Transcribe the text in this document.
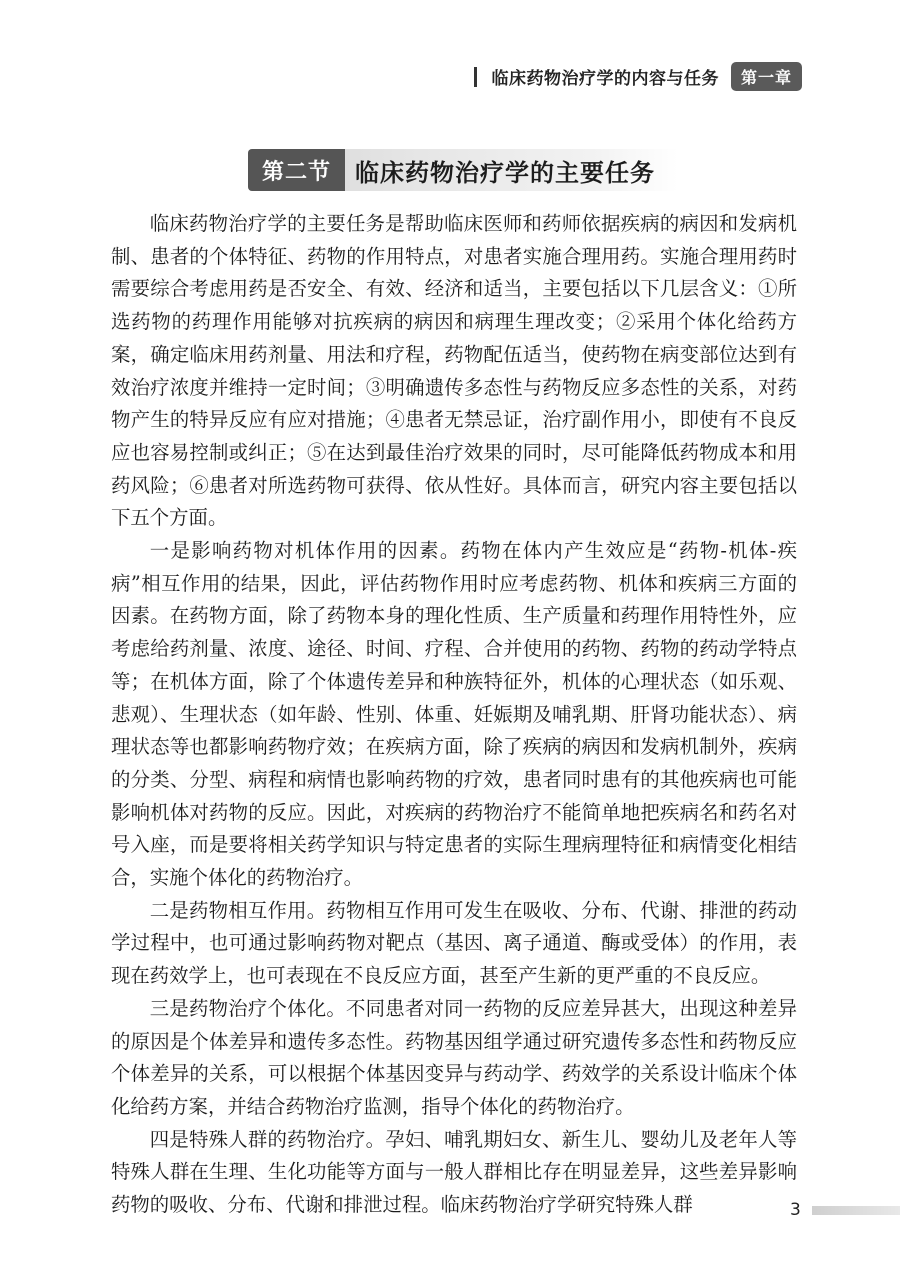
临床药物治疗学的内容与任务	第一章
第二节	临床药物治疗学的主要任务

临床药物治疗学的主要任务是帮助临床医师和药师依据疾病的病因和发病机制、患者的个体特征、药物的作用特点，对患者实施合理用药。实施合理用药时需要综合考虑用药是否安全、有效、经济和适当，主要包括以下几层含义：①所选药物的药理作用能够对抗疾病的病因和病理生理改变；②采用个体化给药方案，确定临床用药剂量、用法和疗程，药物配伍适当，使药物在病变部位达到有效治疗浓度并维持一定时间；③明确遗传多态性与药物反应多态性的关系，对药物产生的特异反应有应对措施；④患者无禁忌证，治疗副作用小，即使有不良反应也容易控制或纠正；⑤在达到最佳治疗效果的同时，尽可能降低药物成本和用药风险；⑥患者对所选药物可获得、依从性好。具体而言，研究内容主要包括以下五个方面。

一是影响药物对机体作用的因素。药物在体内产生效应是“药物-机体-疾病”相互作用的结果，因此，评估药物作用时应考虑药物、机体和疾病三方面的因素。在药物方面，除了药物本身的理化性质、生产质量和药理作用特性外，应考虑给药剂量、浓度、途径、时间、疗程、合并使用的药物、药物的药动学特点等；在机体方面，除了个体遗传差异和种族特征外，机体的心理状态（如乐观、悲观）、生理状态（如年龄、性别、体重、妊娠期及哺乳期、肝肾功能状态）、病理状态等也都影响药物疗效；在疾病方面，除了疾病的病因和发病机制外，疾病的分类、分型、病程和病情也影响药物的疗效，患者同时患有的其他疾病也可能影响机体对药物的反应。因此，对疾病的药物治疗不能简单地把疾病名和药名对号入座，而是要将相关药学知识与特定患者的实际生理病理特征和病情变化相结合，实施个体化的药物治疗。

二是药物相互作用。药物相互作用可发生在吸收、分布、代谢、排泄的药动学过程中，也可通过影响药物对靶点（基因、离子通道、酶或受体）的作用，表现在药效学上，也可表现在不良反应方面，甚至产生新的更严重的不良反应。

三是药物治疗个体化。不同患者对同一药物的反应差异甚大，出现这种差异的原因是个体差异和遗传多态性。药物基因组学通过研究遗传多态性和药物反应个体差异的关系，可以根据个体基因变异与药动学、药效学的关系设计临床个体化给药方案，并结合药物治疗监测，指导个体化的药物治疗。

四是特殊人群的药物治疗。孕妇、哺乳期妇女、新生儿、婴幼儿及老年人等特殊人群在生理、生化功能等方面与一般人群相比存在明显差异，这些差异影响药物的吸收、分布、代谢和排泄过程。临床药物治疗学研究特殊人群	3
